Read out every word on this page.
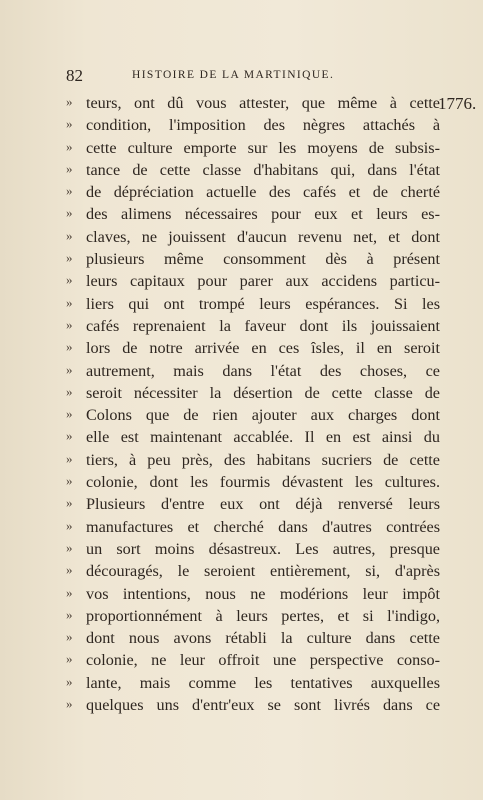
82	HISTOIRE DE LA MARTINIQUE.
1776.
» teurs, ont dû vous attester, que même à cette
» condition, l'imposition des nègres attachés à
» cette culture emporte sur les moyens de subsis-
» tance de cette classe d'habitans qui, dans l'état
» de dépréciation actuelle des cafés et de cherté
» des alimens nécessaires pour eux et leurs es-
» claves, ne jouissent d'aucun revenu net, et dont
» plusieurs même consomment dès à présent
» leurs capitaux pour parer aux accidens particu-
» liers qui ont trompé leurs espérances. Si les
» cafés reprenaient la faveur dont ils jouissaient
» lors de notre arrivée en ces îsles, il en seroit
» autrement, mais dans l'état des choses, ce
» seroit nécessiter la désertion de cette classe de
» Colons que de rien ajouter aux charges dont
» elle est maintenant accablée. Il en est ainsi du
» tiers, à peu près, des habitans sucriers de cette
» colonie, dont les fourmis dévastent les cultures.
» Plusieurs d'entre eux ont déjà renversé leurs
» manufactures et cherché dans d'autres contrées
» un sort moins désastreux. Les autres, presque
» découragés, le seroient entièrement, si, d'après
» vos intentions, nous ne modérions leur impôt
» proportionnément à leurs pertes, et si l'indigo,
» dont nous avons rétabli la culture dans cette
» colonie, ne leur offroit une perspective conso-
» lante, mais comme les tentatives auxquelles
» quelques uns d'entr'eux se sont livrés dans ce
